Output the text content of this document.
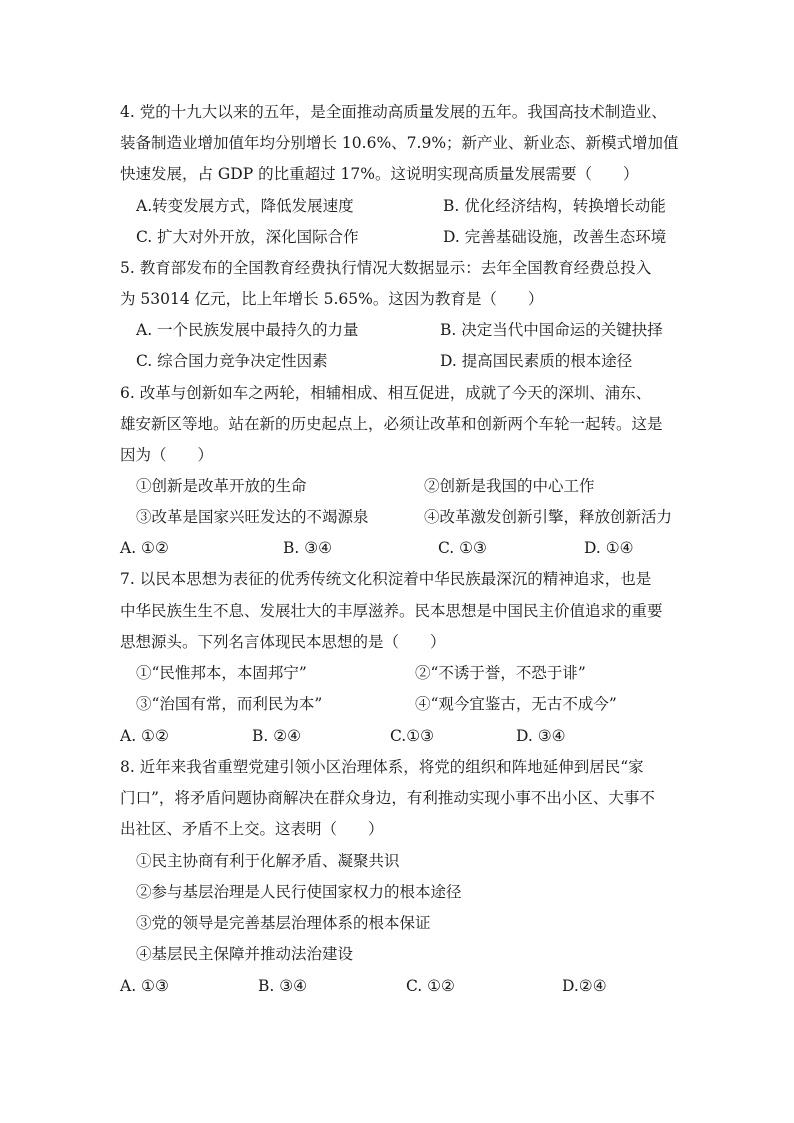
4. 党的十九大以来的五年，是全面推动高质量发展的五年。我国高技术制造业、
装备制造业增加值年均分别增长 10.6%、7.9%；新产业、新业态、新模式增加值
快速发展，占 GDP 的比重超过 17%。这说明实现高质量发展需要（　　）
A.转变发展方式，降低发展速度	B. 优化经济结构，转换增长动能
C. 扩大对外开放，深化国际合作	D. 完善基础设施，改善生态环境
5. 教育部发布的全国教育经费执行情况大数据显示：去年全国教育经费总投入
为 53014 亿元，比上年增长 5.65%。这因为教育是（　　）
A. 一个民族发展中最持久的力量	B. 决定当代中国命运的关键抉择
C. 综合国力竞争决定性因素	D. 提高国民素质的根本途径
6. 改革与创新如车之两轮，相辅相成、相互促进，成就了今天的深圳、浦东、
雄安新区等地。站在新的历史起点上，必须让改革和创新两个车轮一起转。这是
因为（　　）
①创新是改革开放的生命	②创新是我国的中心工作
③改革是国家兴旺发达的不竭源泉	④改革激发创新引擎，释放创新活力
A. ①②	B. ③④	C. ①③	D. ①④
7. 以民本思想为表征的优秀传统文化积淀着中华民族最深沉的精神追求，也是
中华民族生生不息、发展壮大的丰厚滋养。民本思想是中国民主价值追求的重要
思想源头。下列名言体现民本思想的是（　　）
①“民惟邦本，本固邦宁”	②“不诱于誉，不恐于诽”
③“治国有常，而利民为本”	④“观今宜鉴古，无古不成今”
A. ①②	B. ②④	C.①③	D. ③④
8. 近年来我省重塑党建引领小区治理体系，将党的组织和阵地延伸到居民“家
门口”，将矛盾问题协商解决在群众身边，有利推动实现小事不出小区、大事不
出社区、矛盾不上交。这表明（　　）
①民主协商有利于化解矛盾、凝聚共识
②参与基层治理是人民行使国家权力的根本途径
③党的领导是完善基层治理体系的根本保证
④基层民主保障并推动法治建设
A. ①③	B. ③④	C. ①②	D.②④
